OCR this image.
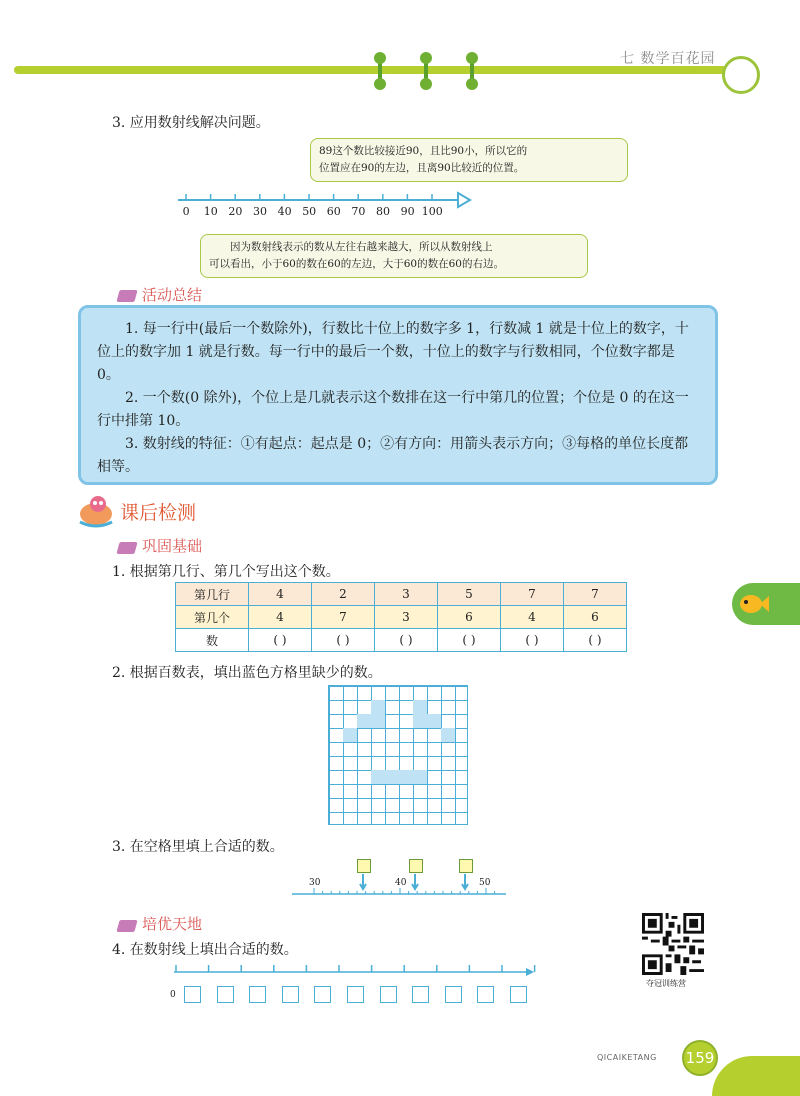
七 数学百花园
3. 应用数射线解决问题。
89这个数比较接近90，且比90小，所以它的
位置应在90的左边，且离90比较近的位置。
0 10 20 30 40 50 60 70 80 90 100
因为数射线表示的数从左往右越来越大，所以从数射线上
可以看出，小于60的数在60的左边，大于60的数在60的右边。
活动总结

1. 每一行中(最后一个数除外)，行数比十位上的数字多 1，行数减 1 就是十位上的数字，十位上的数字加 1 就是行数。每一行中的最后一个数，十位上的数字与行数相同，个位数字都是 0。

2. 一个数(0 除外)，个位上是几就表示这个数排在这一行中第几的位置；个位是 0 的在这一行中排第 10。

3. 数射线的特征：①有起点：起点是 0；②有方向：用箭头表示方向；③每格的单位长度都相等。

课后检测
巩固基础
1. 根据第几行、第几个写出这个数。
第几行	4	2	3	5	7	7
第几个	4	7	3	6	4	6
数	( )	( )	( )	( )	( )	( )
2. 根据百数表，填出蓝色方格里缺少的数。
3. 在空格里填上合适的数。
30	40	50
培优天地
4. 在数射线上填出合适的数。
0
夺冠训练营
QICAIKETANG 159
